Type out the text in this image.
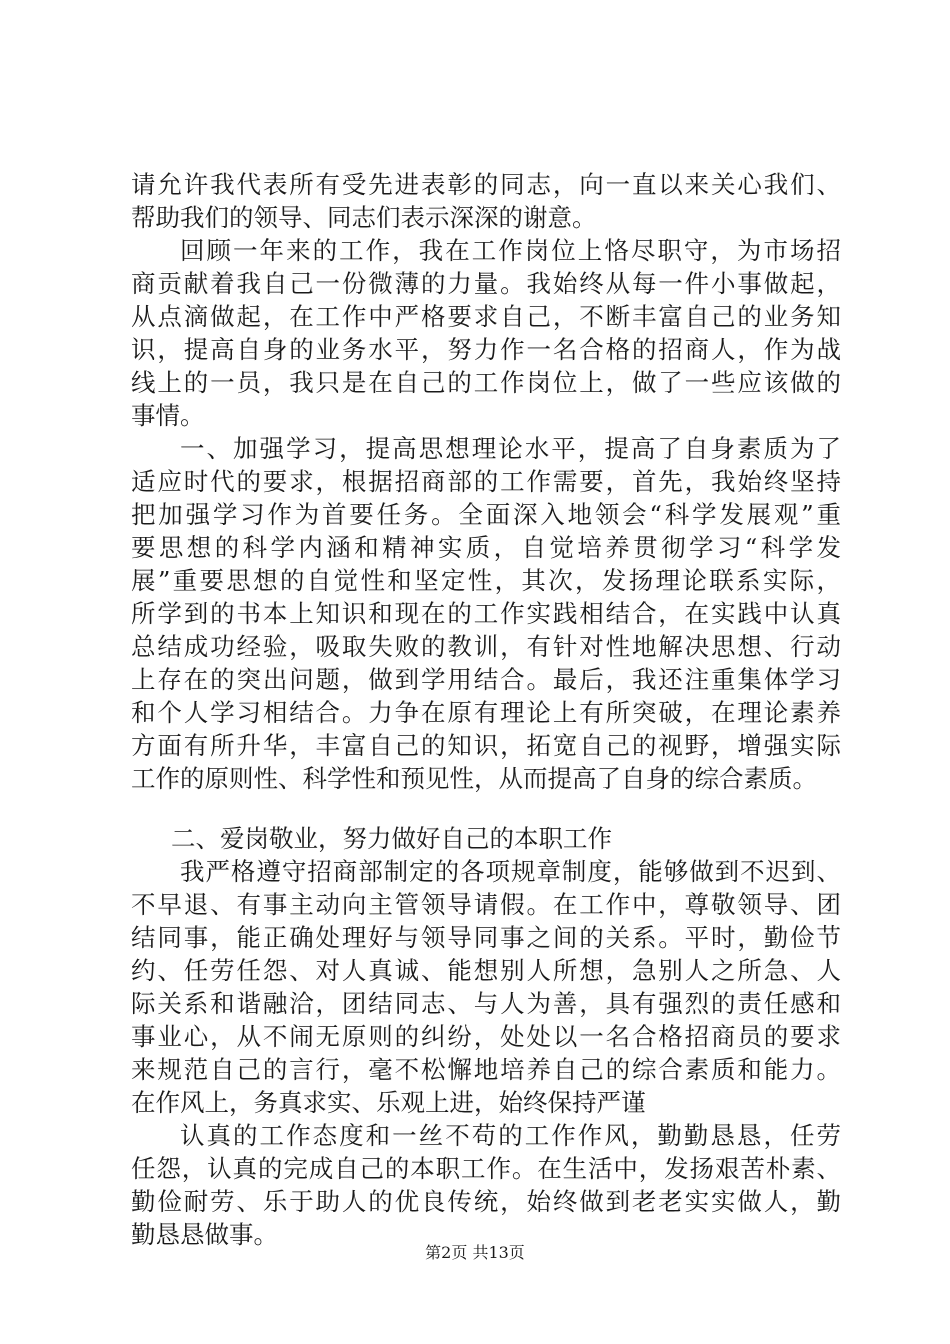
请允许我代表所有受先进表彰的同志，向一直以来关心我们、
帮助我们的领导、同志们表示深深的谢意。
回顾一年来的工作，我在工作岗位上恪尽职守，为市场招
商贡献着我自己一份微薄的力量。我始终从每一件小事做起，
从点滴做起，在工作中严格要求自己，不断丰富自己的业务知
识，提高自身的业务水平，努力作一名合格的招商人，作为战
线上的一员，我只是在自己的工作岗位上，做了一些应该做的
事情。
一、加强学习，提高思想理论水平，提高了自身素质为了
适应时代的要求，根据招商部的工作需要，首先，我始终坚持
把加强学习作为首要任务。全面深入地领会“科学发展观”重
要思想的科学内涵和精神实质，自觉培养贯彻学习“科学发
展”重要思想的自觉性和坚定性，其次，发扬理论联系实际，
所学到的书本上知识和现在的工作实践相结合，在实践中认真
总结成功经验，吸取失败的教训，有针对性地解决思想、行动
上存在的突出问题，做到学用结合。最后，我还注重集体学习
和个人学习相结合。力争在原有理论上有所突破，在理论素养
方面有所升华，丰富自己的知识，拓宽自己的视野，增强实际
工作的原则性、科学性和预见性，从而提高了自身的综合素质。
二、爱岗敬业，努力做好自己的本职工作
我严格遵守招商部制定的各项规章制度，能够做到不迟到、
不早退、有事主动向主管领导请假。在工作中，尊敬领导、团
结同事，能正确处理好与领导同事之间的关系。平时，勤俭节
约、任劳任怨、对人真诚、能想别人所想，急别人之所急、人
际关系和谐融洽，团结同志、与人为善，具有强烈的责任感和
事业心，从不闹无原则的纠纷，处处以一名合格招商员的要求
来规范自己的言行，毫不松懈地培养自己的综合素质和能力。
在作风上，务真求实、乐观上进，始终保持严谨
认真的工作态度和一丝不苟的工作作风，勤勤恳恳，任劳
任怨，认真的完成自己的本职工作。在生活中，发扬艰苦朴素、
勤俭耐劳、乐于助人的优良传统，始终做到老老实实做人，勤
勤恳恳做事。
第2页 共13页
